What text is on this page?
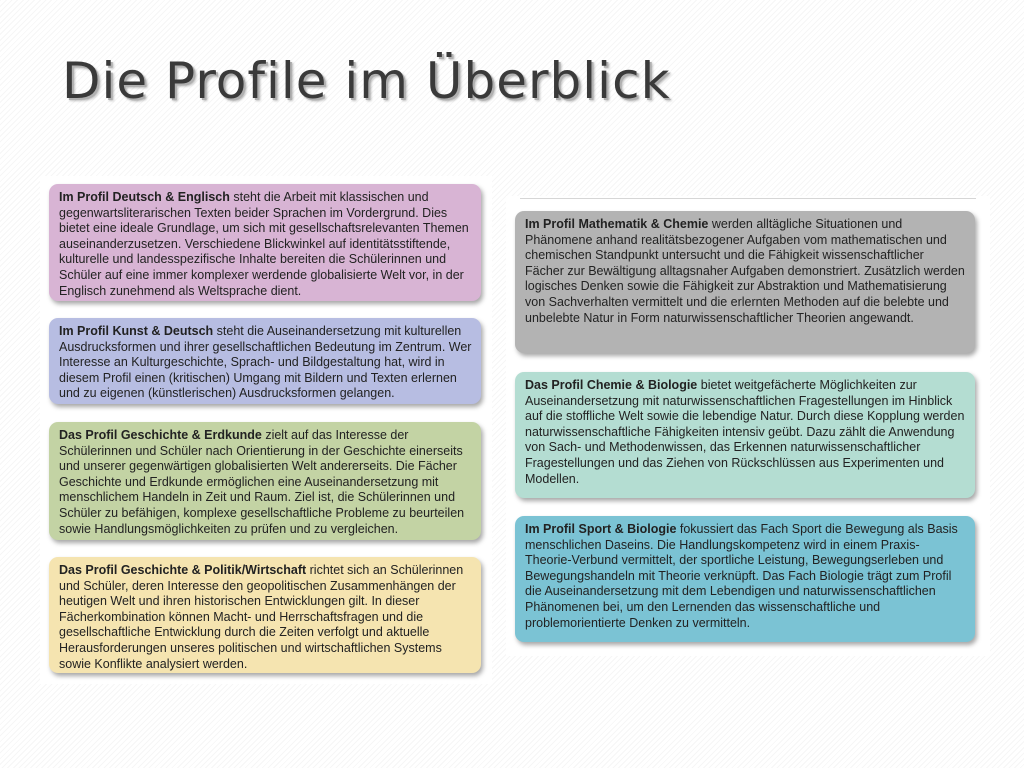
Die Profile im Überblick

Im Profil Deutsch & Englisch steht die Arbeit mit klassischen und gegenwartsliterarischen Texten beider Sprachen im Vordergrund. Dies bietet eine ideale Grundlage, um sich mit gesellschaftsrelevanten Themen auseinanderzusetzen. Verschiedene Blickwinkel auf identitätsstiftende, kulturelle und landesspezifische Inhalte bereiten die Schülerinnen und Schüler auf eine immer komplexer werdende globalisierte Welt vor, in der Englisch zunehmend als Weltsprache dient.

Im Profil Kunst & Deutsch steht die Auseinandersetzung mit kulturellen Ausdrucksformen und ihrer gesellschaftlichen Bedeutung im Zentrum. Wer Interesse an Kulturgeschichte, Sprach- und Bildgestaltung hat, wird in diesem Profil einen (kritischen) Umgang mit Bildern und Texten erlernen und zu eigenen (künstlerischen) Ausdrucksformen gelangen.

Das Profil Geschichte & Erdkunde zielt auf das Interesse der Schülerinnen und Schüler nach Orientierung in der Geschichte einerseits und unserer gegenwärtigen globalisierten Welt andererseits. Die Fächer Geschichte und Erdkunde ermöglichen eine Auseinandersetzung mit menschlichem Handeln in Zeit und Raum. Ziel ist, die Schülerinnen und Schüler zu befähigen, komplexe gesellschaftliche Probleme zu beurteilen sowie Handlungsmöglichkeiten zu prüfen und zu vergleichen.

Das Profil Geschichte & Politik/Wirtschaft richtet sich an Schülerinnen und Schüler, deren Interesse den geopolitischen Zusammenhängen der heutigen Welt und ihren historischen Entwicklungen gilt. In dieser Fächerkombination können Macht- und Herrschaftsfragen und die gesellschaftliche Entwicklung durch die Zeiten verfolgt und aktuelle Herausforderungen unseres politischen und wirtschaftlichen Systems sowie Konflikte analysiert werden.

Im Profil Mathematik & Chemie werden alltägliche Situationen und Phänomene anhand realitätsbezogener Aufgaben vom mathematischen und chemischen Standpunkt untersucht und die Fähigkeit wissenschaftlicher Fächer zur Bewältigung alltagsnaher Aufgaben demonstriert. Zusätzlich werden logisches Denken sowie die Fähigkeit zur Abstraktion und Mathematisierung von Sachverhalten vermittelt und die erlernten Methoden auf die belebte und unbelebte Natur in Form naturwissenschaftlicher Theorien angewandt.

Das Profil Chemie & Biologie bietet weitgefächerte Möglichkeiten zur Auseinandersetzung mit naturwissenschaftlichen Fragestellungen im Hinblick auf die stoffliche Welt sowie die lebendige Natur. Durch diese Kopplung werden naturwissenschaftliche Fähigkeiten intensiv geübt. Dazu zählt die Anwendung von Sach- und Methodenwissen, das Erkennen naturwissenschaftlicher Fragestellungen und das Ziehen von Rückschlüssen aus Experimenten und Modellen.

Im Profil Sport & Biologie fokussiert das Fach Sport die Bewegung als Basis menschlichen Daseins. Die Handlungskompetenz wird in einem Praxis-Theorie-Verbund vermittelt, der sportliche Leistung, Bewegungserleben und Bewegungshandeln mit Theorie verknüpft. Das Fach Biologie trägt zum Profil die Auseinandersetzung mit dem Lebendigen und naturwissenschaftlichen Phänomenen bei, um den Lernenden das wissenschaftliche und problemorientierte Denken zu vermitteln.
